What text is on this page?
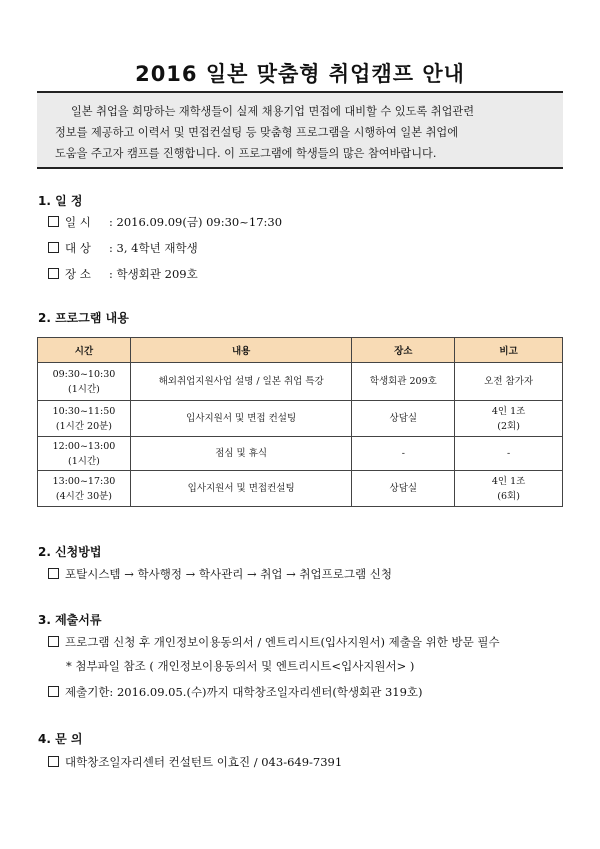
2016 일본 맞춤형 취업캠프 안내

일본 취업을 희망하는 재학생들이 실제 채용기업 면접에 대비할 수 있도록 취업관련

정보를 제공하고 이력서 및 면접컨설팅 등 맞춤형 프로그램을 시행하여 일본 취업에

도움을 주고자 캠프를 진행합니다. 이 프로그램에 학생들의 많은 참여바랍니다.

1. 일 정
일 시 : 2016.09.09(금) 09:30~17:30
대 상 : 3, 4학년 재학생
장 소 : 학생회관 209호
2. 프로그램 내용
시간	내용	장소	비고
09:30~10:30
(1시간)	해외취업지원사업 설명 / 일본 취업 특강	학생회관 209호	오전 참가자
10:30~11:50
(1시간 20분)	입사지원서 및 면접 컨설팅	상담실	4인 1조
(2회)
12:00~13:00
(1시간)	점심 및 휴식	-	-
13:00~17:30
(4시간 30분)	입사지원서 및 면접컨설팅	상담실	4인 1조
(6회)
2. 신청방법
포탈시스템 → 학사행정 → 학사관리 → 취업 → 취업프로그램 신청
3. 제출서류
프로그램 신청 후 개인정보이용동의서 / 엔트리시트(입사지원서) 제출을 위한 방문 필수
* 첨부파일 참조 ( 개인정보이용동의서 및 엔트리시트<입사지원서> )
제출기한: 2016.09.05.(수)까지 대학창조일자리센터(학생회관 319호)
4. 문 의
대학창조일자리센터 컨설턴트 이효진 / 043-649-7391
